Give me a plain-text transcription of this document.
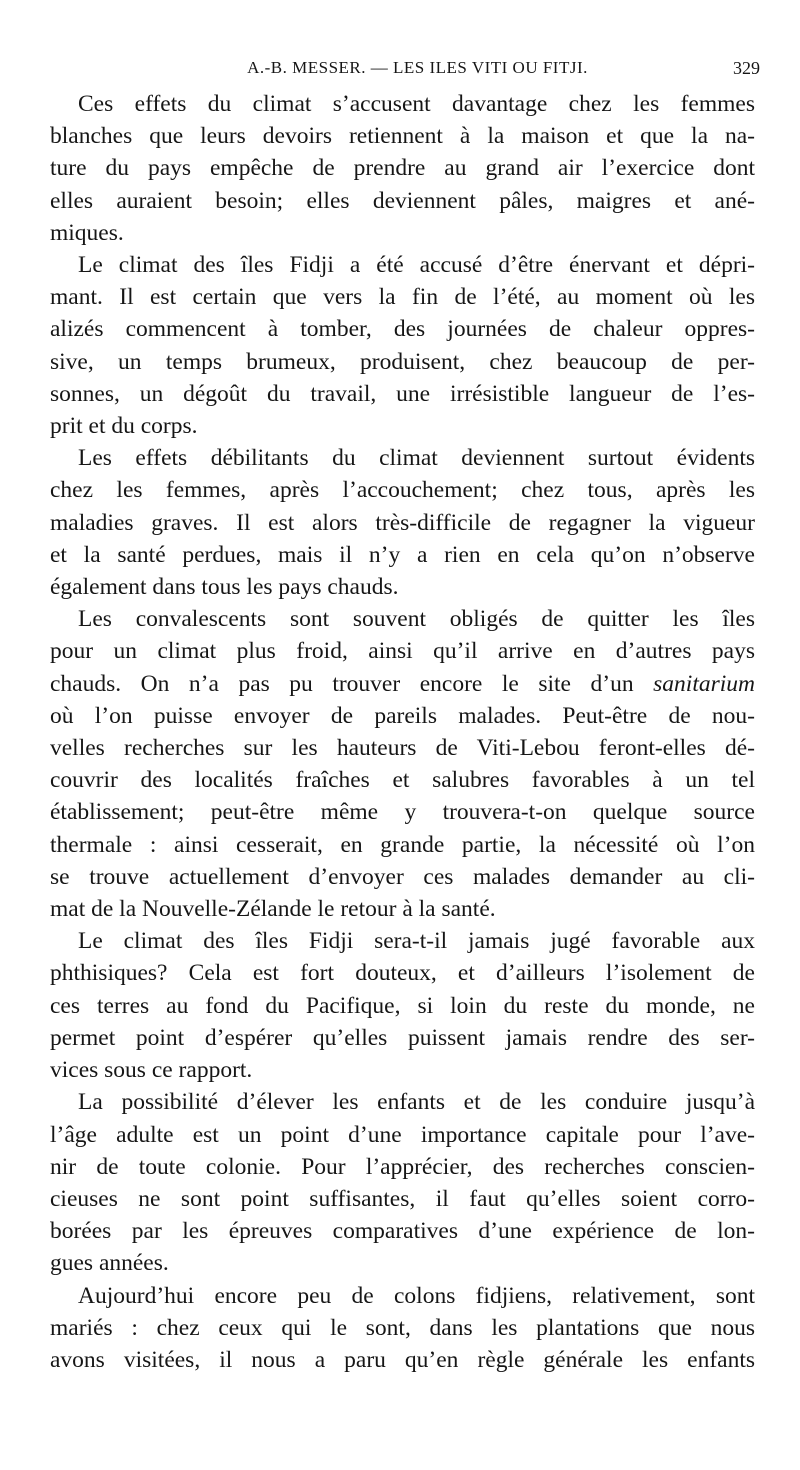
A.-B. MESSER. — LES ILES VITI OU FITJI.	329

Ces effets du climat s’accusent davantage chez les femmes
blanches que leurs devoirs retiennent à la maison et que la na-
ture du pays empêche de prendre au grand air l’exercice dont
elles auraient besoin; elles deviennent pâles, maigres et ané-
miques.

Le climat des îles Fidji a été accusé d’être énervant et dépri-
mant. Il est certain que vers la fin de l’été, au moment où les
alizés commencent à tomber, des journées de chaleur oppres-
sive, un temps brumeux, produisent, chez beaucoup de per-
sonnes, un dégoût du travail, une irrésistible langueur de l’es-
prit et du corps.

Les effets débilitants du climat deviennent surtout évidents
chez les femmes, après l’accouchement; chez tous, après les
maladies graves. Il est alors très-difficile de regagner la vigueur
et la santé perdues, mais il n’y a rien en cela qu’on n’observe
également dans tous les pays chauds.

Les convalescents sont souvent obligés de quitter les îles
pour un climat plus froid, ainsi qu’il arrive en d’autres pays
chauds. On n’a pas pu trouver encore le site d’un sanitarium
où l’on puisse envoyer de pareils malades. Peut-être de nou-
velles recherches sur les hauteurs de Viti-Lebou feront-elles dé-
couvrir des localités fraîches et salubres favorables à un tel
établissement; peut-être même y trouvera-t-on quelque source
thermale : ainsi cesserait, en grande partie, la nécessité où l’on
se trouve actuellement d’envoyer ces malades demander au cli-
mat de la Nouvelle-Zélande le retour à la santé.

Le climat des îles Fidji sera-t-il jamais jugé favorable aux
phthisiques? Cela est fort douteux, et d’ailleurs l’isolement de
ces terres au fond du Pacifique, si loin du reste du monde, ne
permet point d’espérer qu’elles puissent jamais rendre des ser-
vices sous ce rapport.

La possibilité d’élever les enfants et de les conduire jusqu’à
l’âge adulte est un point d’une importance capitale pour l’ave-
nir de toute colonie. Pour l’apprécier, des recherches conscien-
cieuses ne sont point suffisantes, il faut qu’elles soient corro-
borées par les épreuves comparatives d’une expérience de lon-
gues années.

Aujourd’hui encore peu de colons fidjiens, relativement, sont
mariés : chez ceux qui le sont, dans les plantations que nous
avons visitées, il nous a paru qu’en règle générale les enfants
